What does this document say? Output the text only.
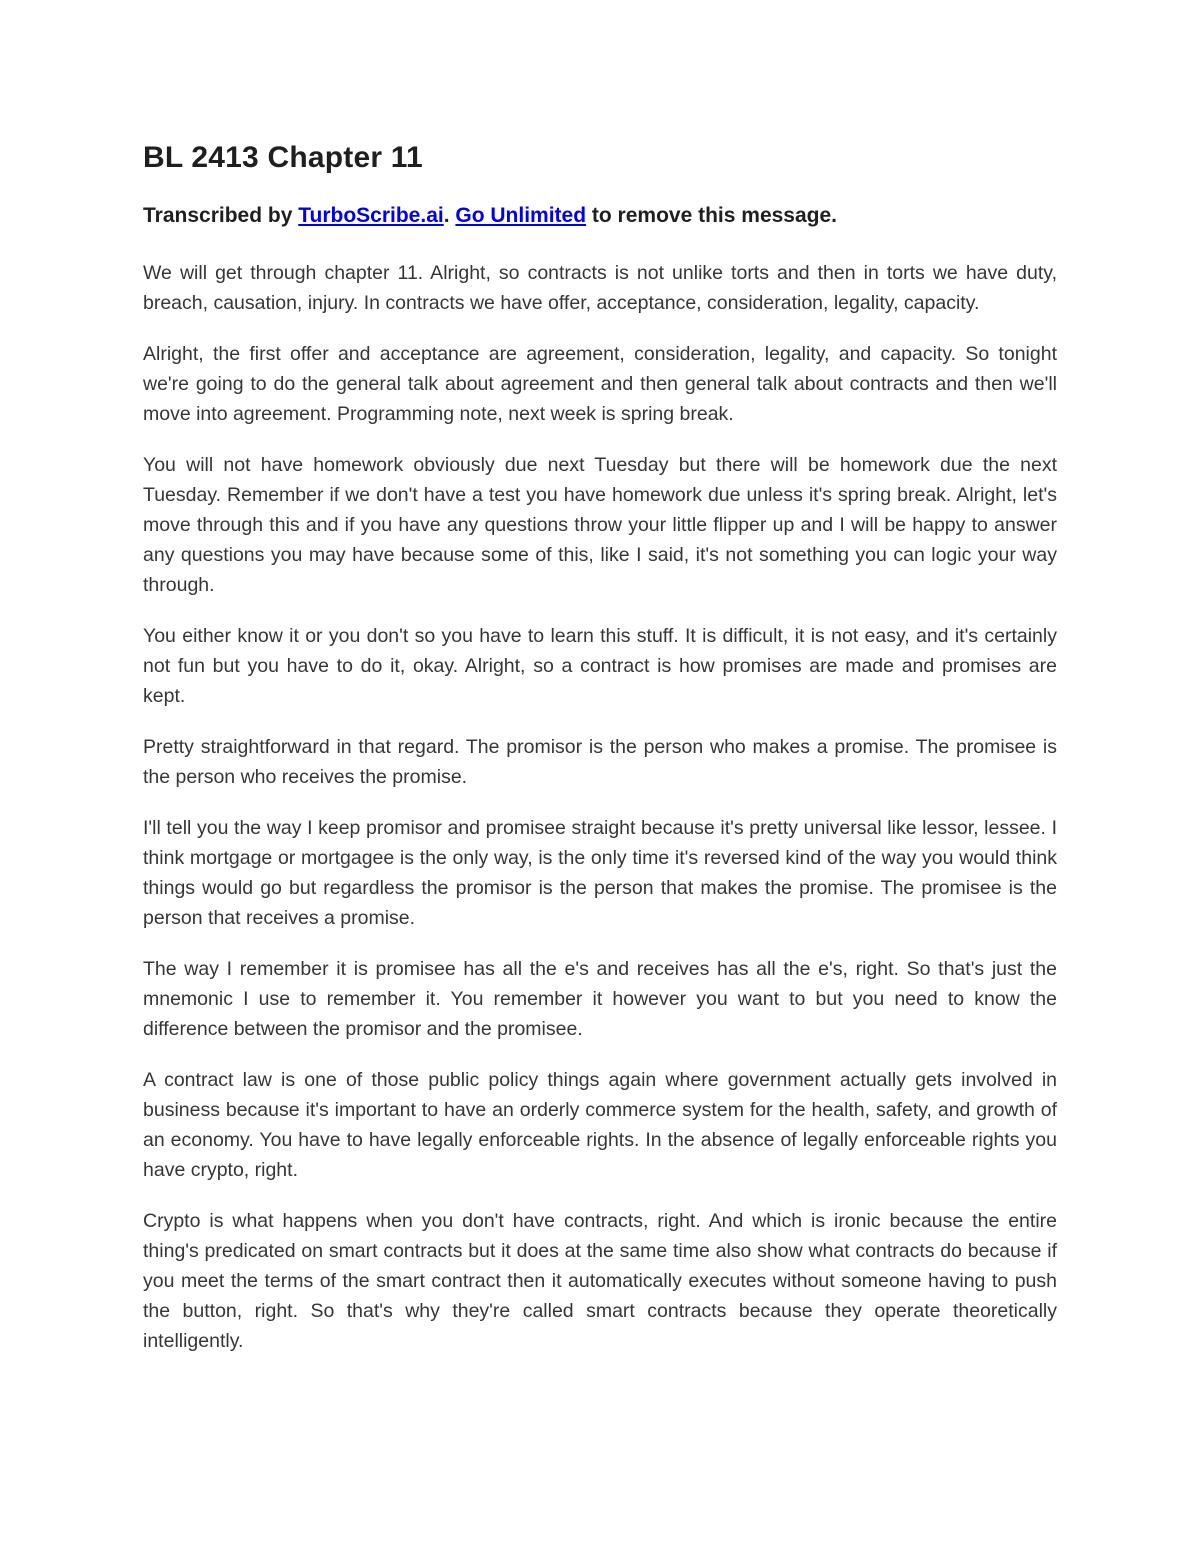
BL 2413 Chapter 11

Transcribed by TurboScribe.ai. Go Unlimited to remove this message.

We will get through chapter 11. Alright, so contracts is not unlike torts and then in torts we have duty, breach, causation, injury. In contracts we have offer, acceptance, consideration, legality, capacity.

Alright, the first offer and acceptance are agreement, consideration, legality, and capacity. So tonight we're going to do the general talk about agreement and then general talk about contracts and then we'll move into agreement. Programming note, next week is spring break.

You will not have homework obviously due next Tuesday but there will be homework due the next Tuesday. Remember if we don't have a test you have homework due unless it's spring break. Alright, let's move through this and if you have any questions throw your little flipper up and I will be happy to answer any questions you may have because some of this, like I said, it's not something you can logic your way through.

You either know it or you don't so you have to learn this stuff. It is difficult, it is not easy, and it's certainly not fun but you have to do it, okay. Alright, so a contract is how promises are made and promises are kept.

Pretty straightforward in that regard. The promisor is the person who makes a promise. The promisee is the person who receives the promise.

I'll tell you the way I keep promisor and promisee straight because it's pretty universal like lessor, lessee. I think mortgage or mortgagee is the only way, is the only time it's reversed kind of the way you would think things would go but regardless the promisor is the person that makes the promise. The promisee is the person that receives a promise.

The way I remember it is promisee has all the e's and receives has all the e's, right. So that's just the mnemonic I use to remember it. You remember it however you want to but you need to know the difference between the promisor and the promisee.

A contract law is one of those public policy things again where government actually gets involved in business because it's important to have an orderly commerce system for the health, safety, and growth of an economy. You have to have legally enforceable rights. In the absence of legally enforceable rights you have crypto, right.

Crypto is what happens when you don't have contracts, right. And which is ironic because the entire thing's predicated on smart contracts but it does at the same time also show what contracts do because if you meet the terms of the smart contract then it automatically executes without someone having to push the button, right. So that's why they're called smart contracts because they operate theoretically intelligently.
